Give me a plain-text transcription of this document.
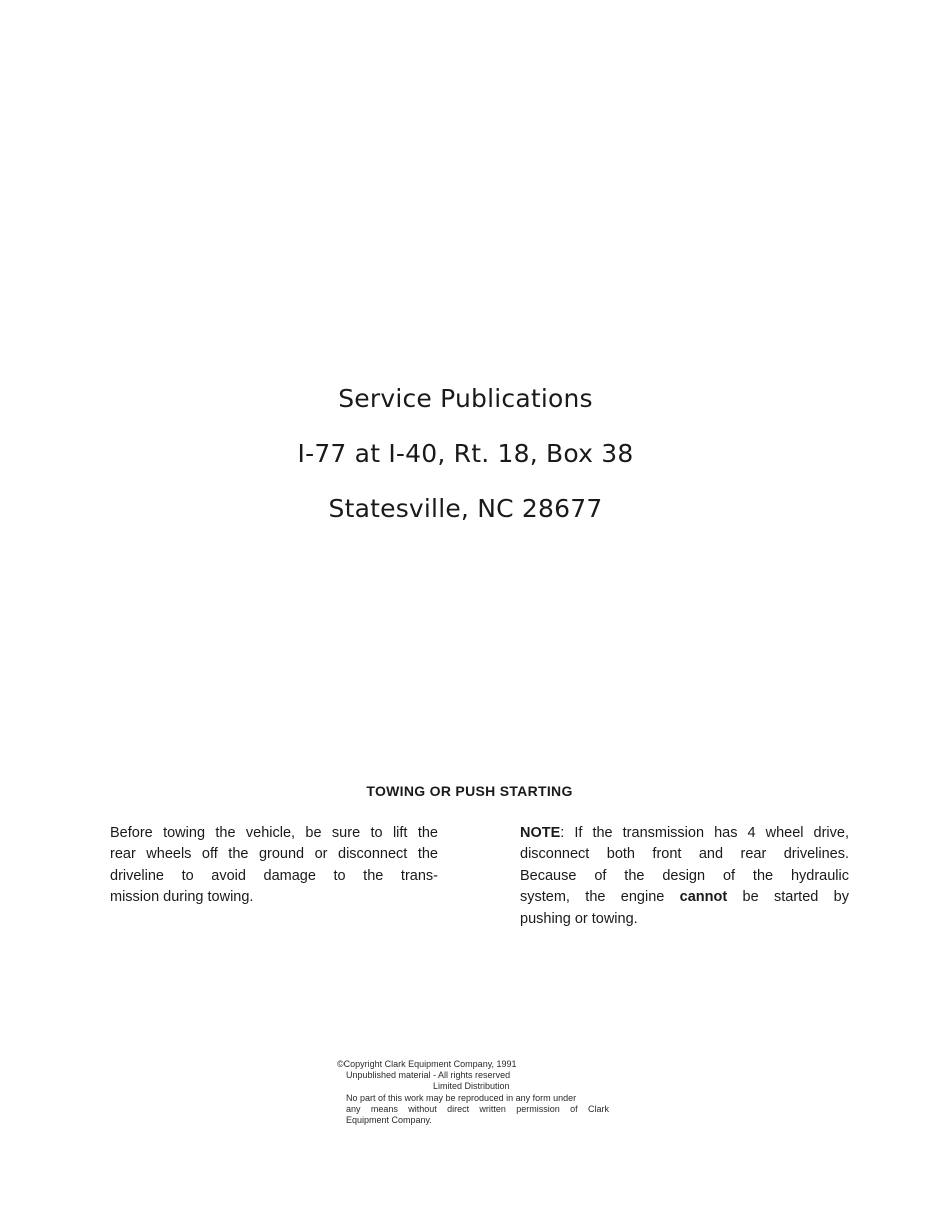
Service Publications
I-77 at I-40, Rt. 18, Box 38
Statesville, NC 28677
TOWING OR PUSH STARTING

Before towing the vehicle, be sure to lift the
rear wheels off the ground or disconnect the
driveline to avoid damage to the trans-
mission during towing.

NOTE: If the transmission has 4 wheel drive,
disconnect both front and rear drivelines.
Because of the design of the hydraulic
system, the engine cannot be started by
pushing or towing.

©Copyright Clark Equipment Company, 1991
Unpublished material - All rights reserved
Limited Distribution
No part of this work may be reproduced in any form under
any means without direct written permission of Clark
Equipment Company.
